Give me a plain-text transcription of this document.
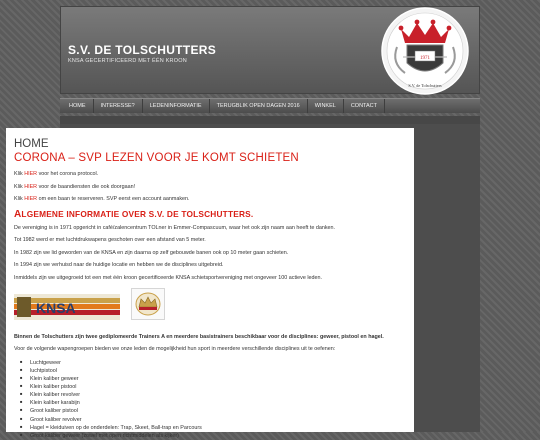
S.V. DE TOLSCHUTTERS
KNSA GECERTIFICEERD MET ÉÉN KROON	1971
S.V. de Tolschutters
HOME	INTERESSE?	LEDENINFORMATIE	TERUGBLIK OPEN DAGEN 2016	WINKEL	CONTACT
HOME
CORONA – SVP LEZEN VOOR JE KOMT SCHIETEN

Klik HIER voor het corona protocol.

Klik HIER voor de baandiensten die ook doorgaan!

Klik HIER om een baan te reserveren. SVP eerst een account aanmaken.

ALGEMENE INFORMATIE OVER S.V. DE TOLSCHUTTERS.

De vereniging is in 1971 opgericht in café/zalencentrum TOLner in Emmer-Compascuum, waar het ook zijn naam aan heeft te danken.

Tot 1982 werd er met luchtdrukwapens geschoten over een afstand van 5 meter.

In 1982 zijn we lid geworden van de KNSA en zijn daarna op zelf gebouwde banen ook op 10 meter gaan schieten.

In 1994 zijn we verhuisd naar de huidige locatie en hebben we de disciplines uitgebreid.

Inmiddels zijn we uitgegroeid tot een met één kroon gecertificeerde KNSA schietsportvereniging met ongeveer 100 actieve leden.

KNSA

Binnen de Tolschutters zijn twee gediplomeerde Trainers A en meerdere basistrainers beschikbaar voor de disciplines: geweer, pistool en hagel.

Voor de volgende wapengroepen bieden we onze leden de mogelijkheid hun sport in meerdere verschillende disciplines uit te oefenen:

■ Luchtgeweer
■ luchtpistool
■ Klein kaliber geweer
■ Klein kaliber pistool
■ Klein kaliber revolver
■ Klein kaliber karabijn
■ Groot kaliber pistool
■ Groot kaliber revolver
■ Hagel = kleiduiven op de onderdelen: Trap, Skeet, Ball-trap en Parcours
■ Groot kaliber geweer (zowel met open richtmiddelen als kijker)
